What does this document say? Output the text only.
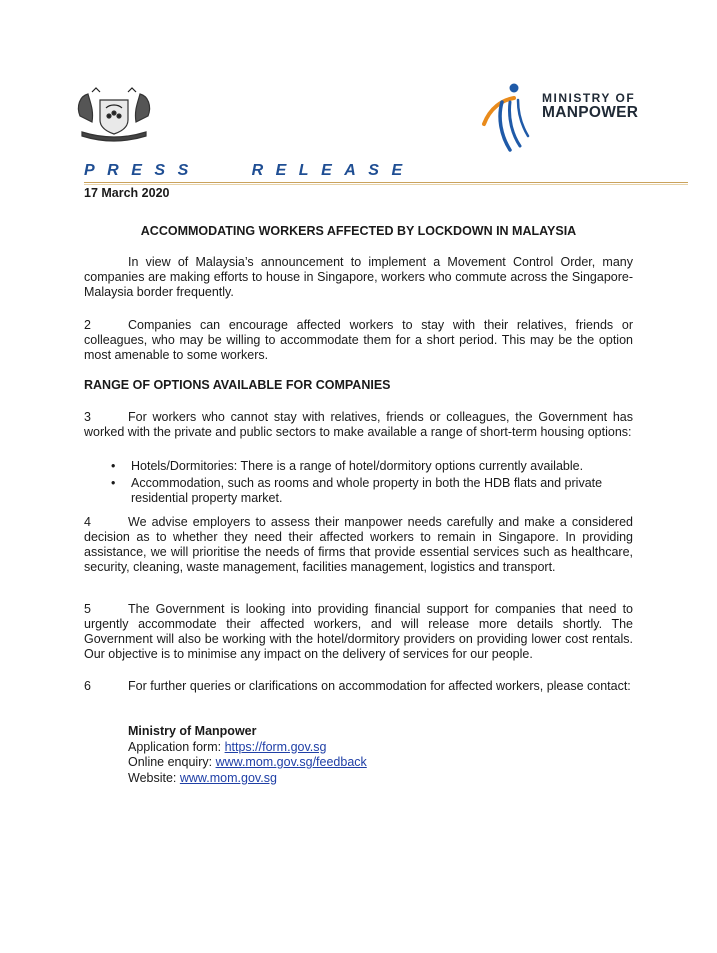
MINISTRY OF
MANPOWER
PRESS   RELEASE
17 March 2020
ACCOMMODATING WORKERS AFFECTED BY LOCKDOWN IN MALAYSIA
In view of Malaysia’s announcement to implement a Movement Control Order, many companies are making efforts to house in Singapore, workers who commute across the Singapore-Malaysia border frequently.
2	Companies can encourage affected workers to stay with their relatives, friends or colleagues, who may be willing to accommodate them for a short period. This may be the option most amenable to some workers.
RANGE OF OPTIONS AVAILABLE FOR COMPANIES
3	For workers who cannot stay with relatives, friends or colleagues, the Government has worked with the private and public sectors to make available a range of short-term housing options:
• Hotels/Dormitories: There is a range of hotel/dormitory options currently available.
• Accommodation, such as rooms and whole property in both the HDB flats and private residential property market.
4	We advise employers to assess their manpower needs carefully and make a considered decision as to whether they need their affected workers to remain in Singapore. In providing assistance, we will prioritise the needs of firms that provide essential services such as healthcare, security, cleaning, waste management, facilities management, logistics and transport.
5	The Government is looking into providing financial support for companies that need to urgently accommodate their affected workers, and will release more details shortly. The Government will also be working with the hotel/dormitory providers on providing lower cost rentals. Our objective is to minimise any impact on the delivery of services for our people.
6	For further queries or clarifications on accommodation for affected workers, please contact:
Ministry of Manpower
Application form: https://form.gov.sg
Online enquiry: www.mom.gov.sg/feedback
Website: www.mom.gov.sg
